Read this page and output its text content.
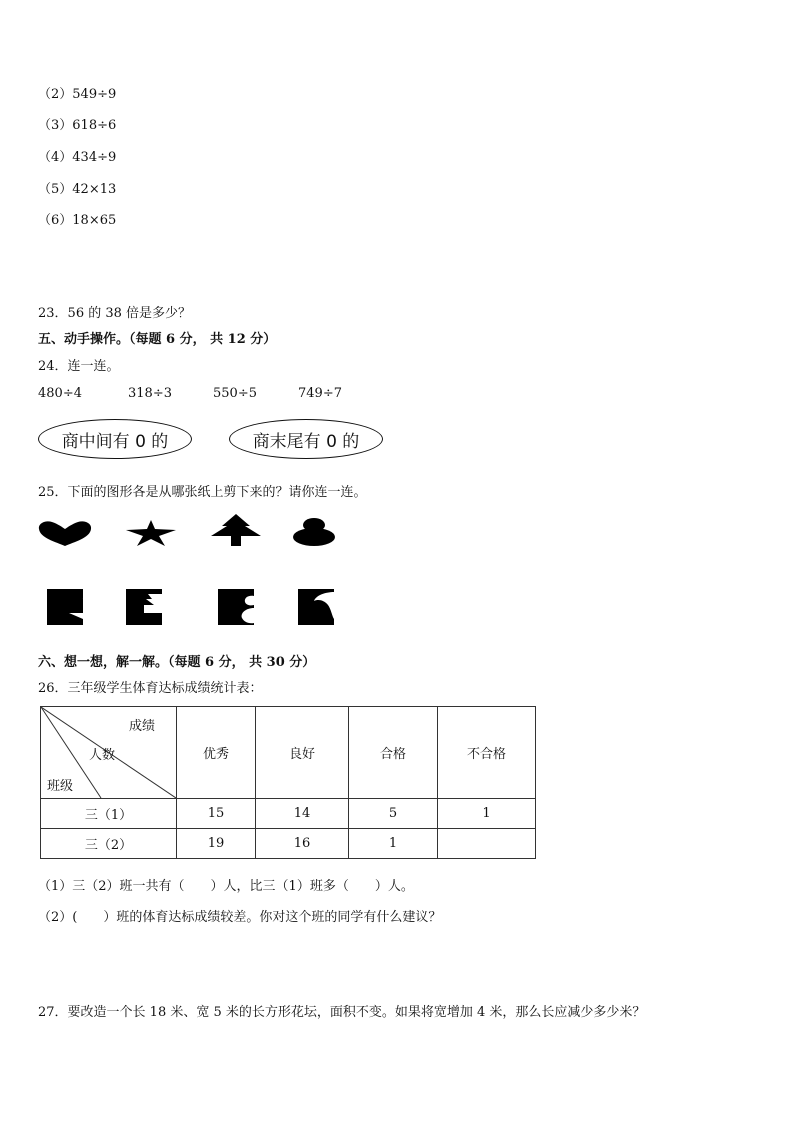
（2）549÷9
（3）618÷6
（4）434÷9
（5）42×13
（6）18×65
23．56 的 38 倍是多少？
五、动手操作。（每题 6 分， 共 12 分）
24．连一连。
480÷4	318÷3	550÷5	749÷7
商中间有 0 的	商末尾有 0 的
25．下面的图形各是从哪张纸上剪下来的？请你连一连。
六、想一想，解一解。（每题 6 分， 共 30 分）
26．三年级学生体育达标成绩统计表：
成绩
人数
班级	优秀	良好	合格	不合格
三（1）	15	14	5	1
三（2）	19	16	1	
（1）三（2）班一共有（　　）人，比三（1）班多（　　）人。
（2）(　　）班的体育达标成绩较差。你对这个班的同学有什么建议？
27．要改造一个长 18 米、宽 5 米的长方形花坛，面积不变。如果将宽增加 4 米，那么长应减少多少米？
